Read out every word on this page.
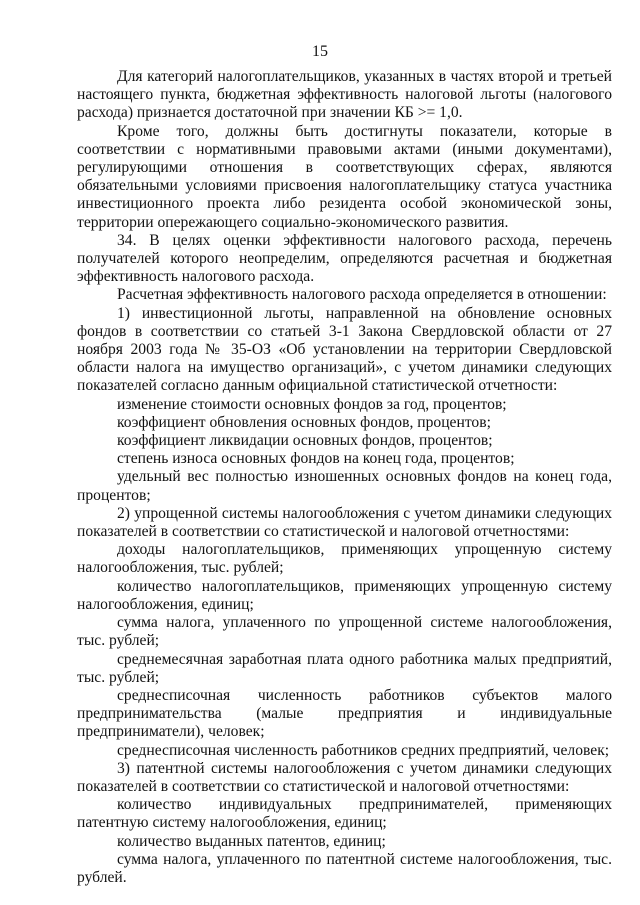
15

Для категорий налогоплательщиков, указанных в частях второй и третьей настоящего пункта, бюджетная эффективность налоговой льготы (налогового расхода) признается достаточной при значении КБ >= 1,0.

Кроме того, должны быть достигнуты показатели, которые в соответствии с нормативными правовыми актами (иными документами), регулирующими отношения в соответствующих сферах, являются обязательными условиями присвоения налогоплательщику статуса участника инвестиционного проекта либо резидента особой экономической зоны, территории опережающего социально-экономического развития.

34. В целях оценки эффективности налогового расхода, перечень получателей которого неопределим, определяются расчетная и бюджетная эффективность налогового расхода.

Расчетная эффективность налогового расхода определяется в отношении:

1) инвестиционной льготы, направленной на обновление основных фондов в соответствии со статьей 3-1 Закона Свердловской области от 27 ноября 2003 года № 35-ОЗ «Об установлении на территории Свердловской области налога на имущество организаций», с учетом динамики следующих показателей согласно данным официальной статистической отчетности:

изменение стоимости основных фондов за год, процентов;

коэффициент обновления основных фондов, процентов;

коэффициент ликвидации основных фондов, процентов;

степень износа основных фондов на конец года, процентов;

удельный вес полностью изношенных основных фондов на конец года, процентов;

2) упрощенной системы налогообложения с учетом динамики следующих показателей в соответствии со статистической и налоговой отчетностями:

доходы налогоплательщиков, применяющих упрощенную систему налогообложения, тыс. рублей;

количество налогоплательщиков, применяющих упрощенную систему налогообложения, единиц;

сумма налога, уплаченного по упрощенной системе налогообложения, тыс. рублей;

среднемесячная заработная плата одного работника малых предприятий, тыс. рублей;

среднесписочная численность работников субъектов малого предпринимательства (малые предприятия и индивидуальные предприниматели), человек;

среднесписочная численность работников средних предприятий, человек;

3) патентной системы налогообложения с учетом динамики следующих показателей в соответствии со статистической и налоговой отчетностями:

количество индивидуальных предпринимателей, применяющих патентную систему налогообложения, единиц;

количество выданных патентов, единиц;

сумма налога, уплаченного по патентной системе налогообложения, тыс. рублей.
